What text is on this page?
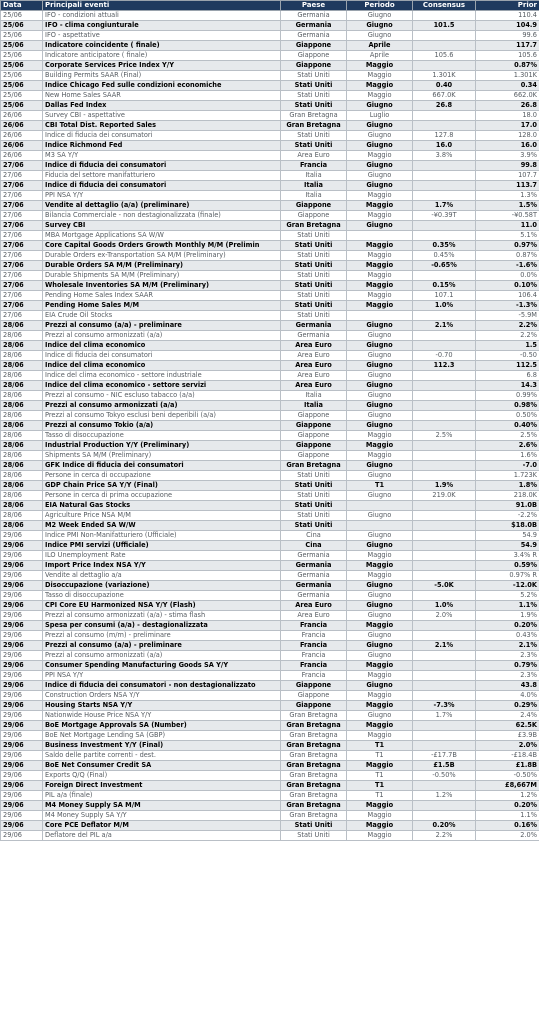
Data	Principali eventi	Paese	Periodo	Consensus	Prior
25/06	IFO - condizioni attuali	Germania	Giugno		110.4
25/06	IFO - clima congiunturale	Germania	Giugno	101.5	104.9
25/06	IFO - aspettative	Germania	Giugno		99.6
25/06	Indicatore coincidente ( finale)	Giappone	Aprile		117.7
25/06	Indicatore anticipatore ( finale)	Giappone	Aprile	105.6	105.6
25/06	Corporate Services Price Index Y/Y	Giappone	Maggio		0.87%
25/06	Building Permits SAAR (Final)	Stati Uniti	Maggio	1.301K	1.301K
25/06	Indice Chicago Fed sulle condizioni economiche	Stati Uniti	Maggio	0.40	0.34
25/06	New Home Sales SAAR	Stati Uniti	Maggio	667.0K	662.0K
25/06	Dallas Fed Index	Stati Uniti	Giugno	26.8	26.8
26/06	Survey CBI - aspettative	Gran Bretagna	Luglio		18.0
26/06	CBI Total Dist. Reported Sales	Gran Bretagna	Giugno		17.0
26/06	Indice di fiducia dei consumatori	Stati Uniti	Giugno	127.8	128.0
26/06	Indice Richmond Fed	Stati Uniti	Giugno	16.0	16.0
26/06	M3 SA Y/Y	Area Euro	Maggio	3.8%	3.9%
27/06	Indice di fiducia dei consumatori	Francia	Giugno		99.8
27/06	Fiducia del settore manifatturiero	Italia	Giugno		107.7
27/06	Indice di fiducia dei consumatori	Italia	Giugno		113.7
27/06	PPI NSA Y/Y	Italia	Maggio		1.3%
27/06	Vendite al dettaglio (a/a) (preliminare)	Giappone	Maggio	1.7%	1.5%
27/06	Bilancia Commerciale - non destagionalizzata (finale)	Giappone	Maggio	-¥0.39T	-¥0.58T
27/06	Survey CBI	Gran Bretagna	Giugno		11.0
27/06	MBA Mortgage Applications SA W/W	Stati Uniti			5.1%
27/06	Core Capital Goods Orders Growth Monthly M/M (Prelimin	Stati Uniti	Maggio	0.35%	0.97%
27/06	Durable Orders ex-Transportation SA M/M (Preliminary)	Stati Uniti	Maggio	0.45%	0.87%
27/06	Durable Orders SA M/M (Preliminary)	Stati Uniti	Maggio	-0.65%	-1.6%
27/06	Durable Shipments SA M/M (Preliminary)	Stati Uniti	Maggio		0.0%
27/06	Wholesale Inventories SA M/M (Preliminary)	Stati Uniti	Maggio	0.15%	0.10%
27/06	Pending Home Sales Index SAAR	Stati Uniti	Maggio	107.1	106.4
27/06	Pending Home Sales M/M	Stati Uniti	Maggio	1.0%	-1.3%
27/06	EIA Crude Oil Stocks	Stati Uniti			-5.9M
28/06	Prezzi al consumo (a/a) - preliminare	Germania	Giugno	2.1%	2.2%
28/06	Prezzi al consumo armonizzati (a/a)	Germania	Giugno		2.2%
28/06	Indice del clima economico	Area Euro	Giugno		1.5
28/06	Indice di fiducia dei consumatori	Area Euro	Giugno	-0.70	-0.50
28/06	Indice del clima economico	Area Euro	Giugno	112.3	112.5
28/06	Indice del clima economico - settore industriale	Area Euro	Giugno		6.8
28/06	Indice del clima economico - settore servizi	Area Euro	Giugno		14.3
28/06	Prezzi al consumo - NIC escluso tabacco (a/a)	Italia	Giugno		0.99%
28/06	Prezzi al consumo armonizzati (a/a)	Italia	Giugno		0.98%
28/06	Prezzi al consumo Tokyo esclusi beni deperibili (a/a)	Giappone	Giugno		0.50%
28/06	Prezzi al consumo Tokio (a/a)	Giappone	Giugno		0.40%
28/06	Tasso di disoccupazione	Giappone	Maggio	2.5%	2.5%
28/06	Industrial Production Y/Y (Preliminary)	Giappone	Maggio		2.6%
28/06	Shipments SA M/M (Preliminary)	Giappone	Maggio		1.6%
28/06	GFK Indice di fiducia dei consumatori	Gran Bretagna	Giugno		-7.0
28/06	Persone in cerca di occupazione	Stati Uniti	Giugno		1.723K
28/06	GDP Chain Price SA Y/Y (Final)	Stati Uniti	T1	1.9%	1.8%
28/06	Persone in cerca di prima occupazione	Stati Uniti	Giugno	219.0K	218.0K
28/06	EIA Natural Gas Stocks	Stati Uniti			91.0B
28/06	Agriculture Price NSA M/M	Stati Uniti	Giugno		-2.2%
28/06	M2 Week Ended SA W/W	Stati Uniti			$18.0B
29/06	Indice PMI Non-Manifatturiero (Ufficiale)	Cina	Giugno		54.9
29/06	Indice PMI servizi (Ufficiale)	Cina	Giugno		54.9
29/06	ILO Unemployment Rate	Germania	Maggio		3.4% R
29/06	Import Price Index NSA Y/Y	Germania	Maggio		0.59%
29/06	Vendite al dettaglio a/a	Germania	Maggio		0.97% R
29/06	Disoccupazione (variazione)	Germania	Giugno	-5.0K	-12.0K
29/06	Tasso di disoccupazione	Germania	Giugno		5.2%
29/06	CPI Core EU Harmonized NSA Y/Y (Flash)	Area Euro	Giugno	1.0%	1.1%
29/06	Prezzi al consumo armonizzati (a/a) - stima flash	Area Euro	Giugno	2.0%	1.9%
29/06	Spesa per consumi (a/a) - destagionalizzata	Francia	Maggio		0.20%
29/06	Prezzi al consumo (m/m) - preliminare	Francia	Giugno		0.43%
29/06	Prezzi al consumo (a/a) - preliminare	Francia	Giugno	2.1%	2.1%
29/06	Prezzi al consumo armonizzati (a/a)	Francia	Giugno		2.3%
29/06	Consumer Spending Manufacturing Goods SA Y/Y	Francia	Maggio		0.79%
29/06	PPI NSA Y/Y	Francia	Maggio		2.3%
29/06	Indice di fiducia dei consumatori - non destagionalizzato	Giappone	Giugno		43.8
29/06	Construction Orders NSA Y/Y	Giappone	Maggio		4.0%
29/06	Housing Starts NSA Y/Y	Giappone	Maggio	-7.3%	0.29%
29/06	Nationwide House Price NSA Y/Y	Gran Bretagna	Giugno	1.7%	2.4%
29/06	BoE Mortgage Approvals SA (Number)	Gran Bretagna	Maggio		62.5K
29/06	BoE Net Mortgage Lending SA (GBP)	Gran Bretagna	Maggio		£3.9B
29/06	Business Investment Y/Y (Final)	Gran Bretagna	T1		2.0%
29/06	Saldo delle partite correnti - dest.	Gran Bretagna	T1	-£17.7B	-£18.4B
29/06	BoE Net Consumer Credit SA	Gran Bretagna	Maggio	£1.5B	£1.8B
29/06	Exports Q/Q (Final)	Gran Bretagna	T1	-0.50%	-0.50%
29/06	Foreign Direct Investment	Gran Bretagna	T1		£8,667M
29/06	PIL a/a (finale)	Gran Bretagna	T1	1.2%	1.2%
29/06	M4 Money Supply SA M/M	Gran Bretagna	Maggio		0.20%
29/06	M4 Money Supply SA Y/Y	Gran Bretagna	Maggio		1.1%
29/06	Core PCE Deflator M/M	Stati Uniti	Maggio	0.20%	0.16%
29/06	Deflatore del PIL a/a	Stati Uniti	Maggio	2.2%	2.0%
